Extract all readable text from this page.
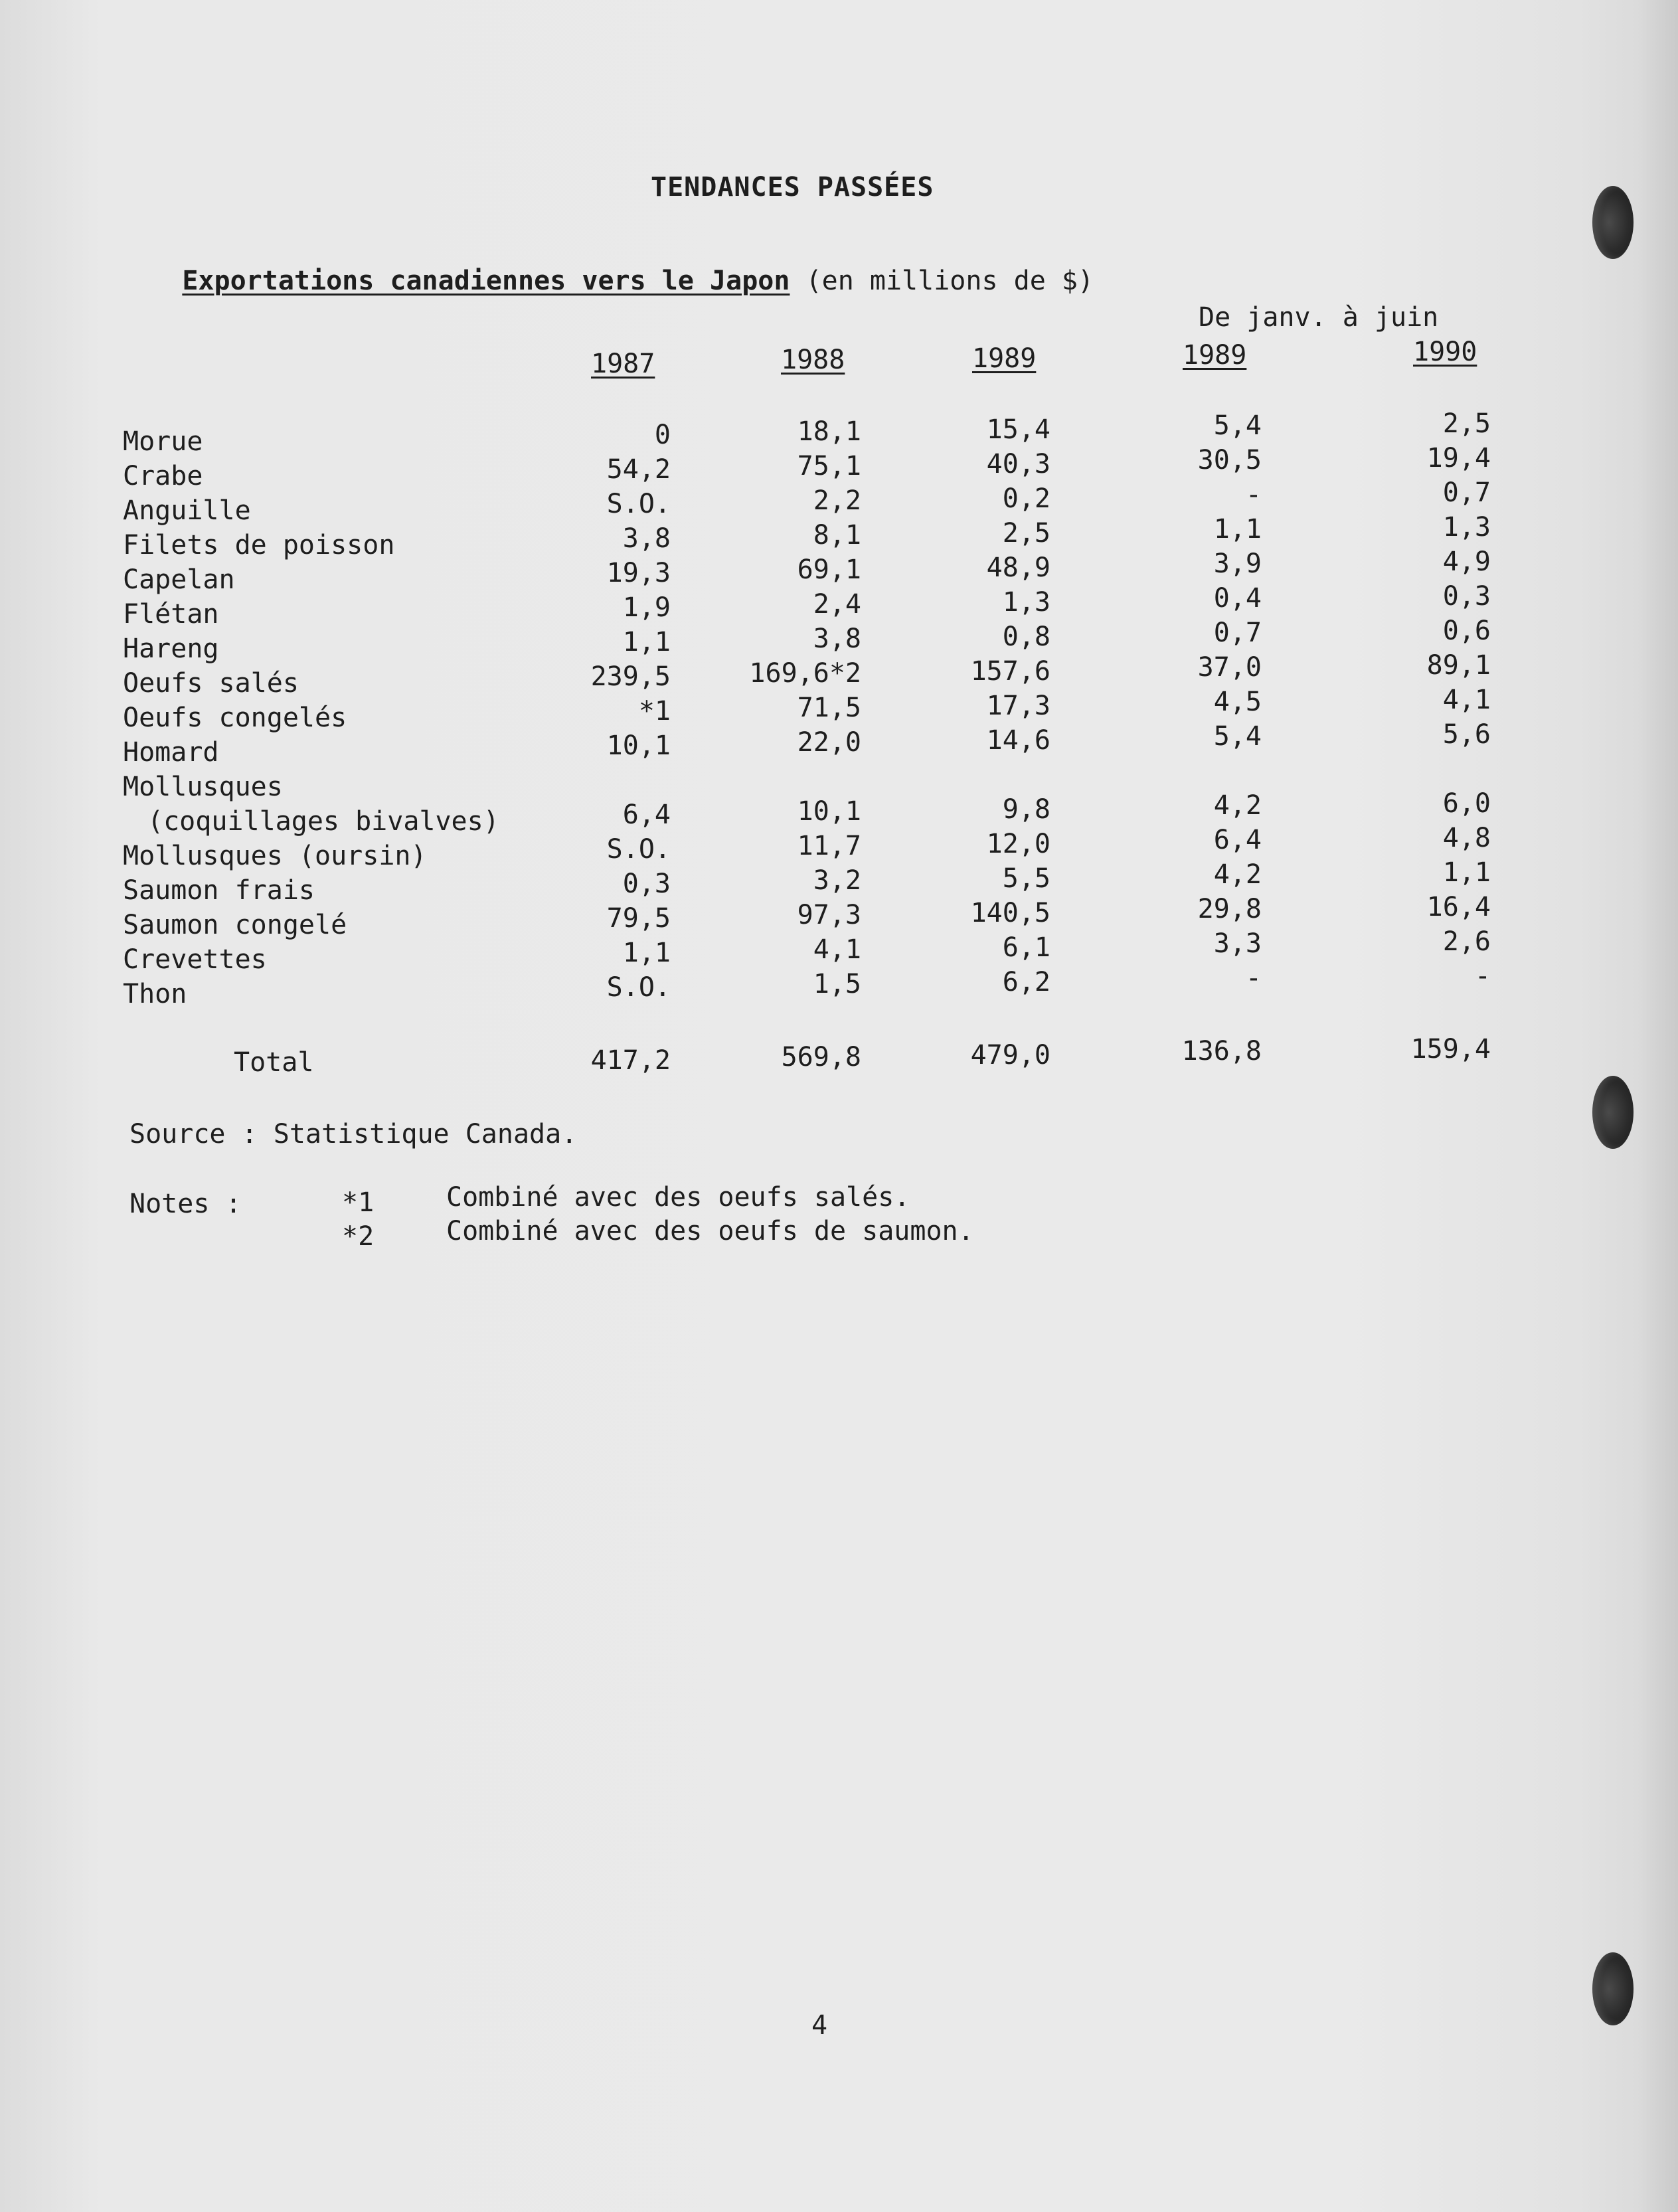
TENDANCES PASSÉES

Exportations canadiennes vers le Japon (en millions de $)

De janv. à juin
1987	1988	1989	1989	1990
Morue	0	18,1	15,4	5,4	2,5
Crabe	54,2	75,1	40,3	30,5	19,4
Anguille	S.O.	2,2	0,2	-	0,7
Filets de poisson	3,8	8,1	2,5	1,1	1,3
Capelan	19,3	69,1	48,9	3,9	4,9
Flétan	1,9	2,4	1,3	0,4	0,3
Hareng	1,1	3,8	0,8	0,7	0,6
Oeufs salés	239,5	169,6*2	157,6	37,0	89,1
Oeufs congelés	*1	71,5	17,3	4,5	4,1
Homard	10,1	22,0	14,6	5,4	5,6
Mollusques
(coquillages bivalves)	6,4	10,1	9,8	4,2	6,0
Mollusques (oursin)	S.O.	11,7	12,0	6,4	4,8
Saumon frais	0,3	3,2	5,5	4,2	1,1
Saumon congelé	79,5	97,3	140,5	29,8	16,4
Crevettes	1,1	4,1	6,1	3,3	2,6
Thon	S.O.	1,5	6,2	-	-
Total	417,2	569,8	479,0	136,8	159,4
Source : Statistique Canada.
Notes :	*1	Combiné avec des oeufs salés.
*2	Combiné avec des oeufs de saumon.
4
